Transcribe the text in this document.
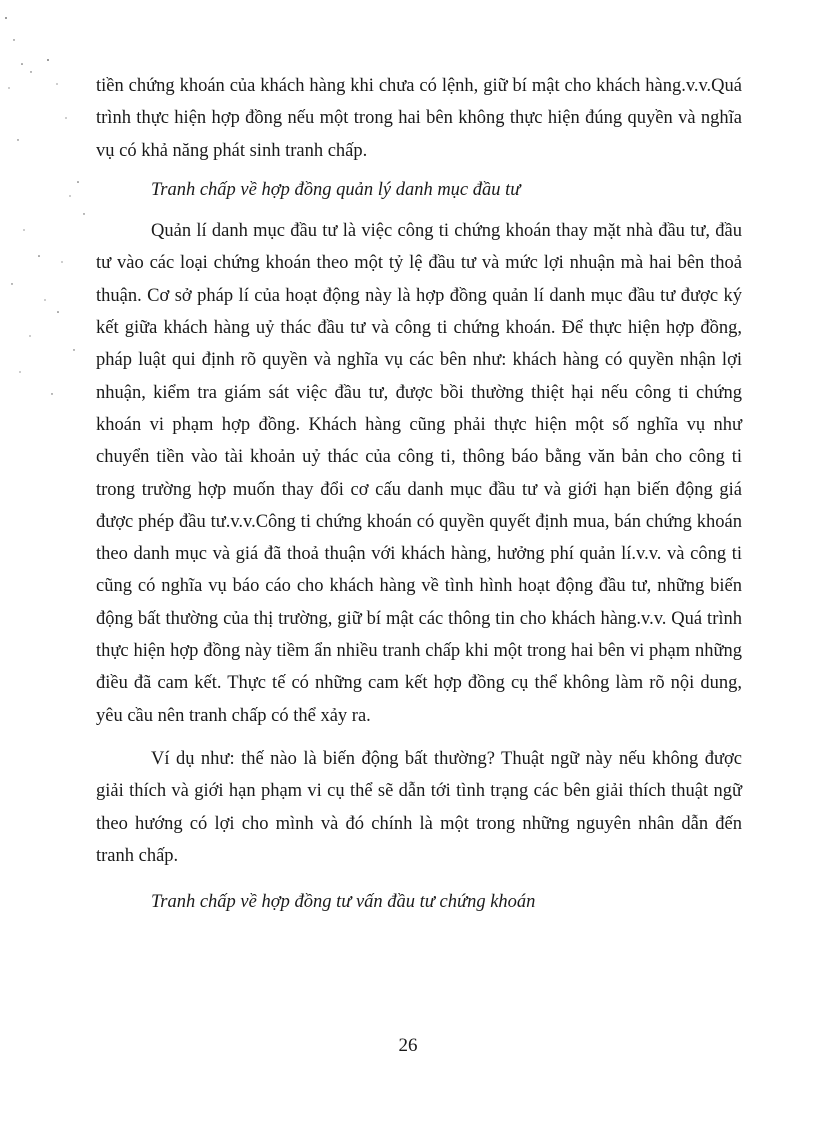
tiền chứng khoán của khách hàng khi chưa có lệnh, giữ bí mật cho khách hàng.v.v.Quá trình thực hiện hợp đồng nếu một trong hai bên không thực hiện đúng quyền và nghĩa vụ có khả năng phát sinh tranh chấp.

Tranh chấp về hợp đồng quản lý danh mục đầu tư

Quản lí danh mục đầu tư là việc công ti chứng khoán thay mặt nhà đầu tư, đầu tư vào các loại chứng khoán theo một tỷ lệ đầu tư và mức lợi nhuận mà hai bên thoả thuận. Cơ sở pháp lí của hoạt động này là hợp đồng quản lí danh mục đầu tư được ký kết giữa khách hàng uỷ thác đầu tư và công ti chứng khoán. Để thực hiện hợp đồng, pháp luật qui định rõ quyền và nghĩa vụ các bên như: khách hàng có quyền nhận lợi nhuận, kiểm tra giám sát việc đầu tư, được bồi thường thiệt hại nếu công ti chứng khoán vi phạm hợp đồng. Khách hàng cũng phải thực hiện một số nghĩa vụ như chuyển tiền vào tài khoản uỷ thác của công ti, thông báo bằng văn bản cho công ti trong trường hợp muốn thay đổi cơ cấu danh mục đầu tư và giới hạn biến động giá được phép đầu tư.v.v.Công ti chứng khoán có quyền quyết định mua, bán chứng khoán theo danh mục và giá đã thoả thuận với khách hàng, hưởng phí quản lí.v.v. và công ti cũng có nghĩa vụ báo cáo cho khách hàng về tình hình hoạt động đầu tư, những biến động bất thường của thị trường, giữ bí mật các thông tin cho khách hàng.v.v. Quá trình thực hiện hợp đồng này tiềm ẩn nhiều tranh chấp khi một trong hai bên vi phạm những điều đã cam kết. Thực tế có những cam kết hợp đồng cụ thể không làm rõ nội dung, yêu cầu nên tranh chấp có thể xảy ra.

Ví dụ như: thế nào là biến động bất thường? Thuật ngữ này nếu không được giải thích và giới hạn phạm vi cụ thể sẽ dẫn tới tình trạng các bên giải thích thuật ngữ theo hướng có lợi cho mình và đó chính là một trong những nguyên nhân dẫn đến tranh chấp.

Tranh chấp về hợp đồng tư vấn đầu tư chứng khoán

26
